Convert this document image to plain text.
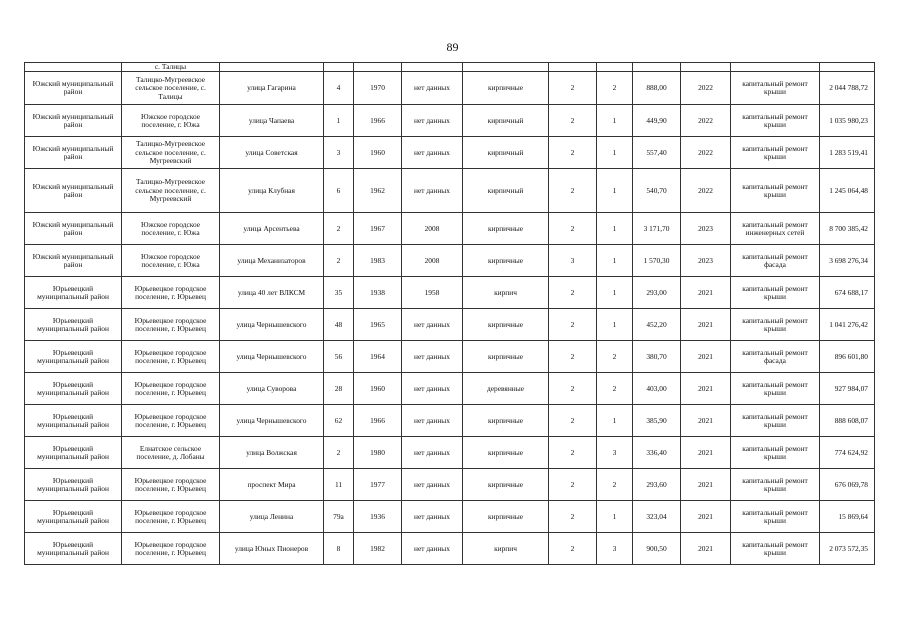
89
	с. Талицы											
Южский муниципальный район	Талицко-Мугреевское сельское поселение, с. Талицы	улица Гагарина	4	1970	нет данных	кирпичные	2	2	888,00	2022	капитальный ремонт крыши	2 044 788,72
Южский муниципальный район	Южское городское поселение, г. Южа	улица Чапаева	1	1966	нет данных	кирпичный	2	1	449,90	2022	капитальный ремонт крыши	1 035 980,23
Южский муниципальный район	Талицко-Мугреевское сельское поселение, с. Мугреевский	улица Советская	3	1960	нет данных	кирпичный	2	1	557,40	2022	капитальный ремонт крыши	1 283 519,41
Южский муниципальный район	Талицко-Мугреевское сельское поселение, с. Мугреевский	улица Клубная	6	1962	нет данных	кирпичный	2	1	540,70	2022	капитальный ремонт крыши	1 245 064,48
Южский муниципальный район	Южское городское поселение, г. Южа	улица Арсентьева	2	1967	2008	кирпичные	2	1	3 171,70	2023	капитальный ремонт инженерных сетей	8 700 385,42
Южский муниципальный район	Южское городское поселение, г. Южа	улица Механизаторов	2	1983	2008	кирпичные	3	1	1 570,30	2023	капитальный ремонт фасада	3 698 276,34
Юрьевецкий муниципальный район	Юрьевецкое городское поселение, г. Юрьевец	улица 40 лет ВЛКСМ	35	1938	1958	кирпич	2	1	293,00	2021	капитальный ремонт крыши	674 688,17
Юрьевецкий муниципальный район	Юрьевецкое городское поселение, г. Юрьевец	улица Чернышевского	48	1965	нет данных	кирпичные	2	1	452,20	2021	капитальный ремонт крыши	1 041 276,42
Юрьевецкий муниципальный район	Юрьевецкое городское поселение, г. Юрьевец	улица Чернышевского	56	1964	нет данных	кирпичные	2	2	380,70	2021	капитальный ремонт фасада	896 601,80
Юрьевецкий муниципальный район	Юрьевецкое городское поселение, г. Юрьевец	улица Суворова	28	1960	нет данных	деревянные	2	2	403,00	2021	капитальный ремонт крыши	927 984,07
Юрьевецкий муниципальный район	Юрьевецкое городское поселение, г. Юрьевец	улица Чернышевского	62	1966	нет данных	кирпичные	2	1	385,90	2021	капитальный ремонт крыши	888 608,07
Юрьевецкий муниципальный район	Елнатское сельское поселение, д. Лобаны	улица Волжская	2	1980	нет данных	кирпичные	2	3	336,40	2021	капитальный ремонт крыши	774 624,92
Юрьевецкий муниципальный район	Юрьевецкое городское поселение, г. Юрьевец	проспект Мира	11	1977	нет данных	кирпичные	2	2	293,60	2021	капитальный ремонт крыши	676 069,78
Юрьевецкий муниципальный район	Юрьевецкое городское поселение, г. Юрьевец	улица Ленина	79а	1936	нет данных	кирпичные	2	1	323,04	2021	капитальный ремонт крыши	15 869,64
Юрьевецкий муниципальный район	Юрьевецкое городское поселение, г. Юрьевец	улица Юных Пионеров	8	1982	нет данных	кирпич	2	3	900,50	2021	капитальный ремонт крыши	2 073 572,35
